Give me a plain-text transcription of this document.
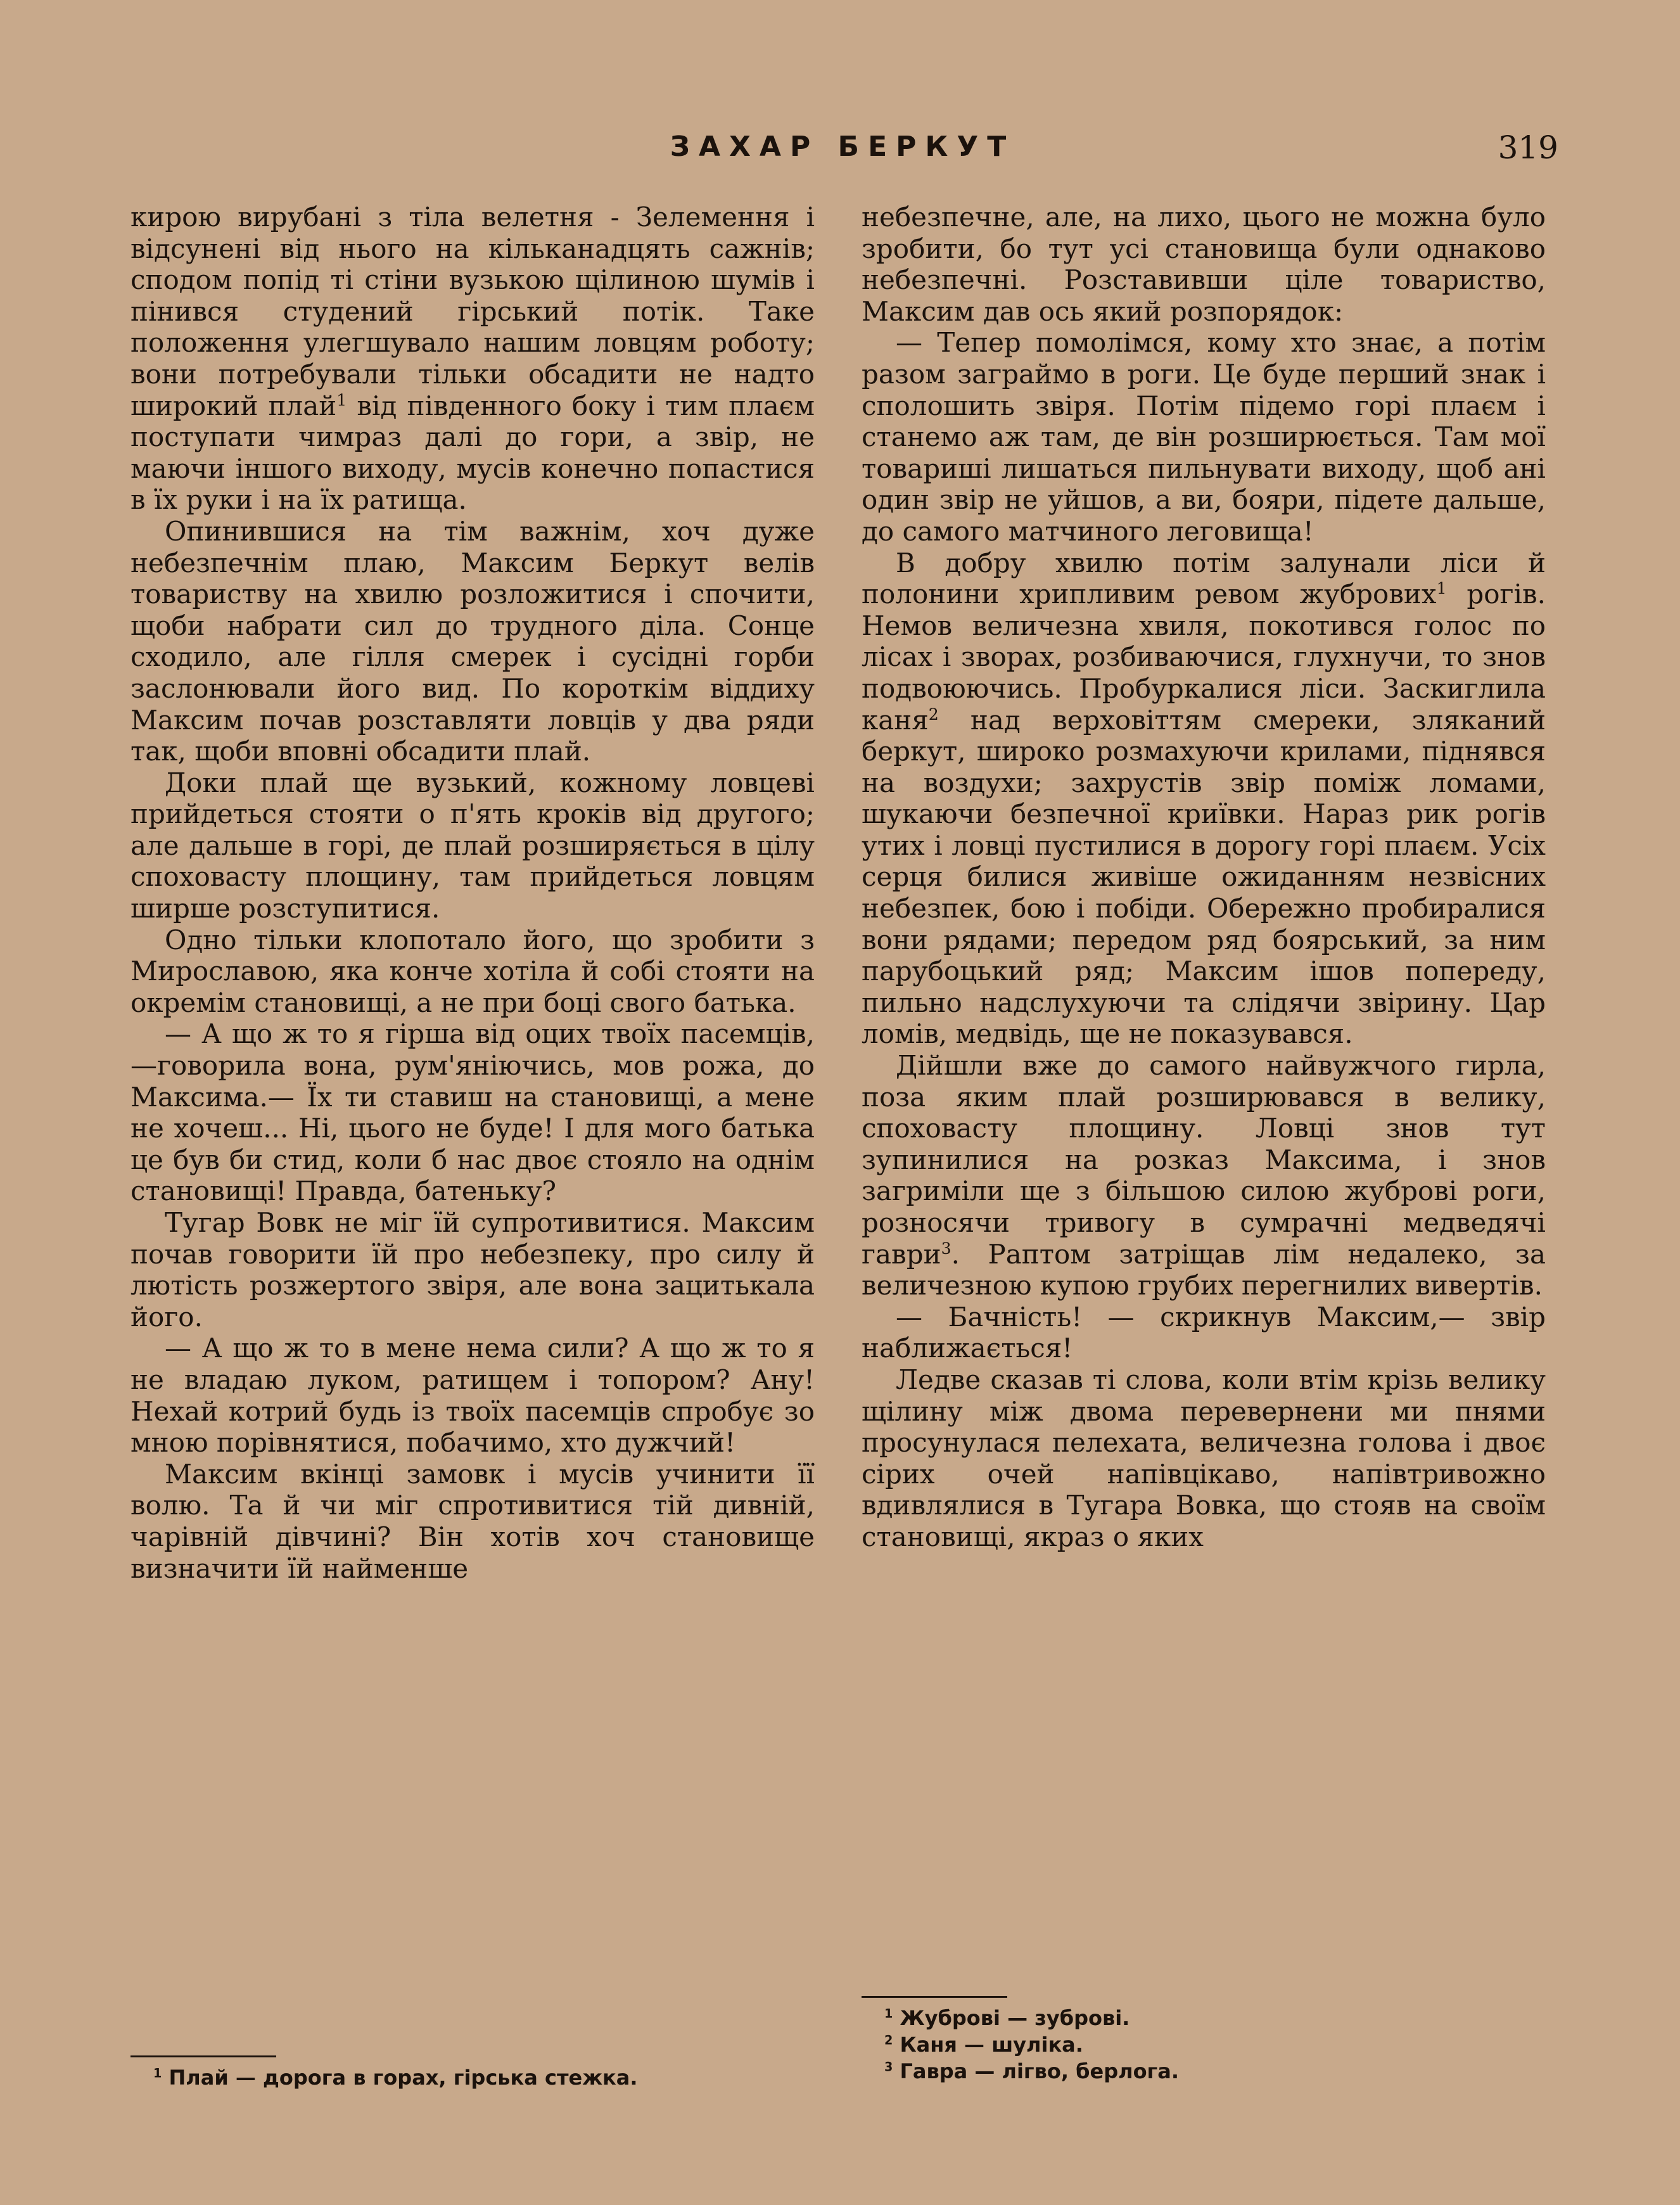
ЗАХАР БЕРКУТ	319

кирою вирубані з тіла велетня - Зелемення і відсунені від нього на кільканадцять сажнів; сподом попід ті стіни вузькою щілиною шумів і пінився студений гірський потік. Таке положення улегшувало нашим ловцям роботу; вони потребували тільки обсадити не надто широкий плай$^1$ від південного боку і тим плаєм поступати чимраз далі до гори, а звір, не маючи іншого виходу, мусів конечно попастися в їх руки і на їх ратища.

Опинившися на тім важнім, хоч дуже небезпечнім плаю, Максим Беркут велів товариству на хвилю розложитися і спочити, щоби набрати сил до трудного діла. Сонце сходило, але гілля смерек і сусідні горби заслонювали його вид. По короткім віддиху Максим почав розставляти ловців у два ряди так, щоби вповні обсадити плай.

Доки плай ще вузький, кожному ловцеві прийдеться стояти о п'ять кроків від другого; але дальше в горі, де плай розширяється в цілу споховасту площину, там прийдеться ловцям ширше розступитися.

Одно тільки клопотало його, що зробити з Мирославою, яка конче хотіла й собі стояти на окремім становищі, а не при боці свого батька.

— А що ж то я гірша від оцих твоїх пасемців,—говорила вона, рум'яніючись, мов рожа, до Максима.— Їх ти ставиш на становищі, а мене не хочеш... Ні, цього не буде! І для мого батька це був би стид, коли б нас двоє стояло на однім становищі! Правда, батеньку?

Тугар Вовк не міг їй супротивитися. Максим почав говорити їй про небезпеку, про силу й лютість розжертого звіря, але вона зацитькала його.

— А що ж то в мене нема сили? А що ж то я не владаю луком, ратищем і топором? Ану! Нехай котрий будь із твоїх пасемців спробує зо мною порівнятися, побачимо, хто дужчий!

Максим вкінці замовк і мусів учинити її волю. Та й чи міг спротивитися тій дивній, чарівній дівчині? Він хотів хоч становище визначити їй найменше

небезпечне, але, на лихо, цього не можна було зробити, бо тут усі становища були однаково небезпечні. Розставивши ціле товариство, Максим дав ось який розпорядок:

— Тепер помолімся, кому хто знає, а потім разом заграймо в роги. Це буде перший знак і сполошить звіря. Потім підемо горі плаєм і станемо аж там, де він розширюється. Там мої товариші лишаться пильнувати виходу, щоб ані один звір не уйшов, а ви, бояри, підете дальше, до самого матчиного леговища!

В добру хвилю потім залунали ліси й полонини хрипливим ревом жубрових$^1$ рогів. Немов величезна хвиля, покотився голос по лісах і зворах, розбиваючися, глухнучи, то знов подвоюючись. Пробуркалися ліси. Заскиглила каня$^2$ над верховіттям смереки, зляканий беркут, широко розмахуючи крилами, піднявся на воздухи; захрустів звір поміж ломами, шукаючи безпечної криївки. Нараз рик рогів утих і ловці пустилися в дорогу горі плаєм. Усіх серця билися живіше ожиданням незвісних небезпек, бою і побіди. Обережно пробиралися вони рядами; передом ряд боярський, за ним парубоцький ряд; Максим ішов попереду, пильно надслухуючи та слідячи звірину. Цар ломів, медвідь, ще не показувався.

Дійшли вже до самого найвужчого гирла, поза яким плай розширювався в велику, споховасту площину. Ловці знов тут зупинилися на розказ Максима, і знов загриміли ще з більшою силою жуброві роги, розносячи тривогу в сумрачні медведячі гаври$^3$. Раптом затріщав лім недалеко, за величезною купою грубих перегнилих вивертів.

— Бачність! — скрикнув Максим,— звір наближається!

Ледве сказав ті слова, коли втім крізь велику щілину між двома перевернени ми пнями просунулася пелехата, величезна голова і двоє сірих очей напівцікаво, напівтривожно вдивлялися в Тугара Вовка, що стояв на своїм становищі, якраз о яких

$^1$ Плай — дорога в горах, гірська стежка.

$^1$ Жуброві — зуброві.

$^2$ Каня — шуліка.

$^3$ Гавра — лігво, берлога.
